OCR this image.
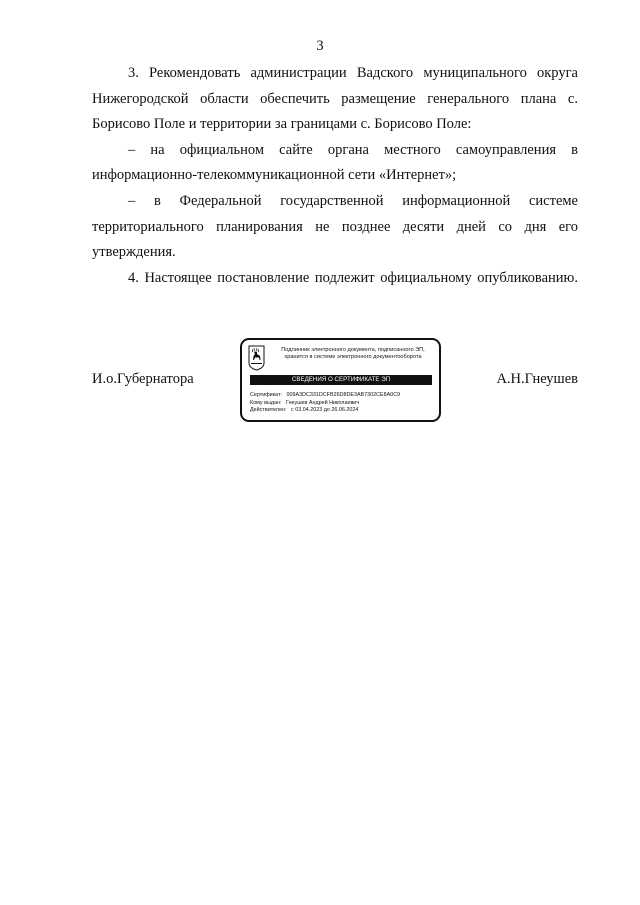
3

3. Рекомендовать администрации Вадского муниципального округа Нижегородской области обеспечить размещение генерального плана с. Борисово Поле и территории за границами с. Борисово Поле:

– на официальном сайте органа местного самоуправления в информационно-телекоммуникационной сети «Интернет»;

– в Федеральной государственной информационной системе территориального планирования не позднее десяти дней со дня его утверждения.

4. Настоящее постановление подлежит официальному опубликованию.

И.о.Губернатора	А.Н.Гнеушев
Подлинник электронного документа, подписанного ЭП,
хранится в системе электронного документооборота
СВЕДЕНИЯ О СЕРТИФИКАТЕ ЭП
Сертификат: 009A3DC331DCFB26D8DE3AB7302CE8A0C9
Кому выдан: Гнеушев Андрей Николаевич
Действителен: с 03.04.2023 до 26.06.2024
